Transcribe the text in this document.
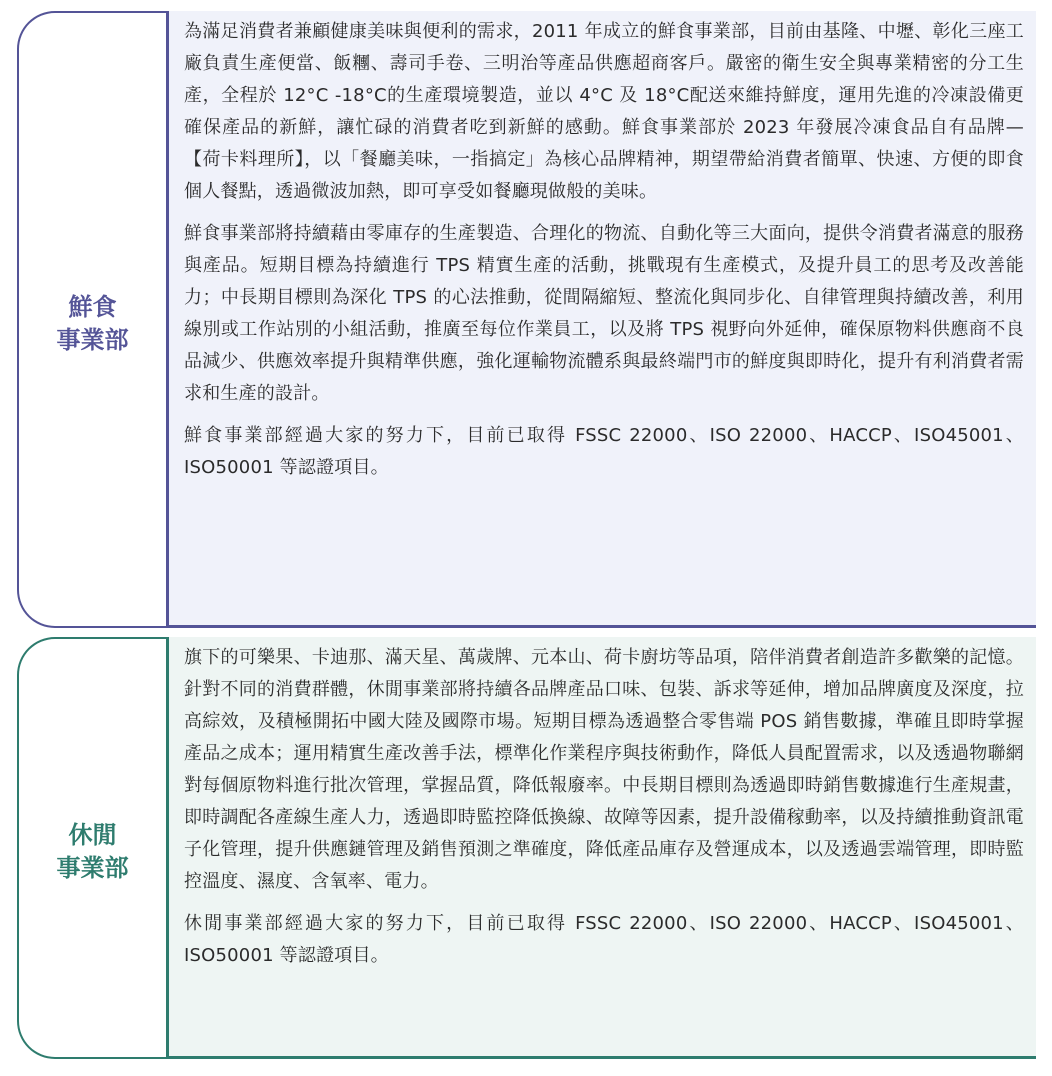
鮮食
事業部

為滿足消費者兼顧健康美味與便利的需求，2011 年成立的鮮食事業部，目前由基隆、中壢、彰化三座工廠負責生產便當、飯糰、壽司手卷、三明治等產品供應超商客戶。嚴密的衛生安全與專業精密的分工生產，全程於 12°C -18°C的生產環境製造，並以 4°C 及 18°C配送來維持鮮度，運用先進的冷凍設備更確保產品的新鮮，讓忙碌的消費者吃到新鮮的感動。鮮食事業部於 2023 年發展冷凍食品自有品牌—【荷卡料理所】，以「餐廳美味，一指搞定」為核心品牌精神，期望帶給消費者簡單、快速、方便的即食個人餐點，透過微波加熱，即可享受如餐廳現做般的美味。

鮮食事業部將持續藉由零庫存的生產製造、合理化的物流、自動化等三大面向，提供令消費者滿意的服務與產品。短期目標為持續進行 TPS 精實生產的活動，挑戰現有生產模式，及提升員工的思考及改善能力；中長期目標則為深化 TPS 的心法推動，從間隔縮短、整流化與同步化、自律管理與持續改善，利用線別或工作站別的小組活動，推廣至每位作業員工，以及將 TPS 視野向外延伸，確保原物料供應商不良品減少、供應效率提升與精準供應，強化運輸物流體系與最終端門市的鮮度與即時化，提升有利消費者需求和生產的設計。

鮮食事業部經過大家的努力下，目前已取得 FSSC 22000、ISO 22000、HACCP、ISO45001、ISO50001 等認證項目。

休閒
事業部

旗下的可樂果、卡迪那、滿天星、萬歲牌、元本山、荷卡廚坊等品項，陪伴消費者創造許多歡樂的記憶。針對不同的消費群體，休閒事業部將持續各品牌產品口味、包裝、訴求等延伸，增加品牌廣度及深度，拉高綜效，及積極開拓中國大陸及國際市場。短期目標為透過整合零售端 POS 銷售數據，準確且即時掌握產品之成本；運用精實生產改善手法，標準化作業程序與技術動作，降低人員配置需求，以及透過物聯網對每個原物料進行批次管理，掌握品質，降低報廢率。中長期目標則為透過即時銷售數據進行生產規畫，即時調配各產線生產人力，透過即時監控降低換線、故障等因素，提升設備稼動率，以及持續推動資訊電子化管理，提升供應鏈管理及銷售預測之準確度，降低產品庫存及營運成本，以及透過雲端管理，即時監控溫度、濕度、含氧率、電力。

休閒事業部經過大家的努力下，目前已取得 FSSC 22000、ISO 22000、HACCP、ISO45001、ISO50001 等認證項目。
